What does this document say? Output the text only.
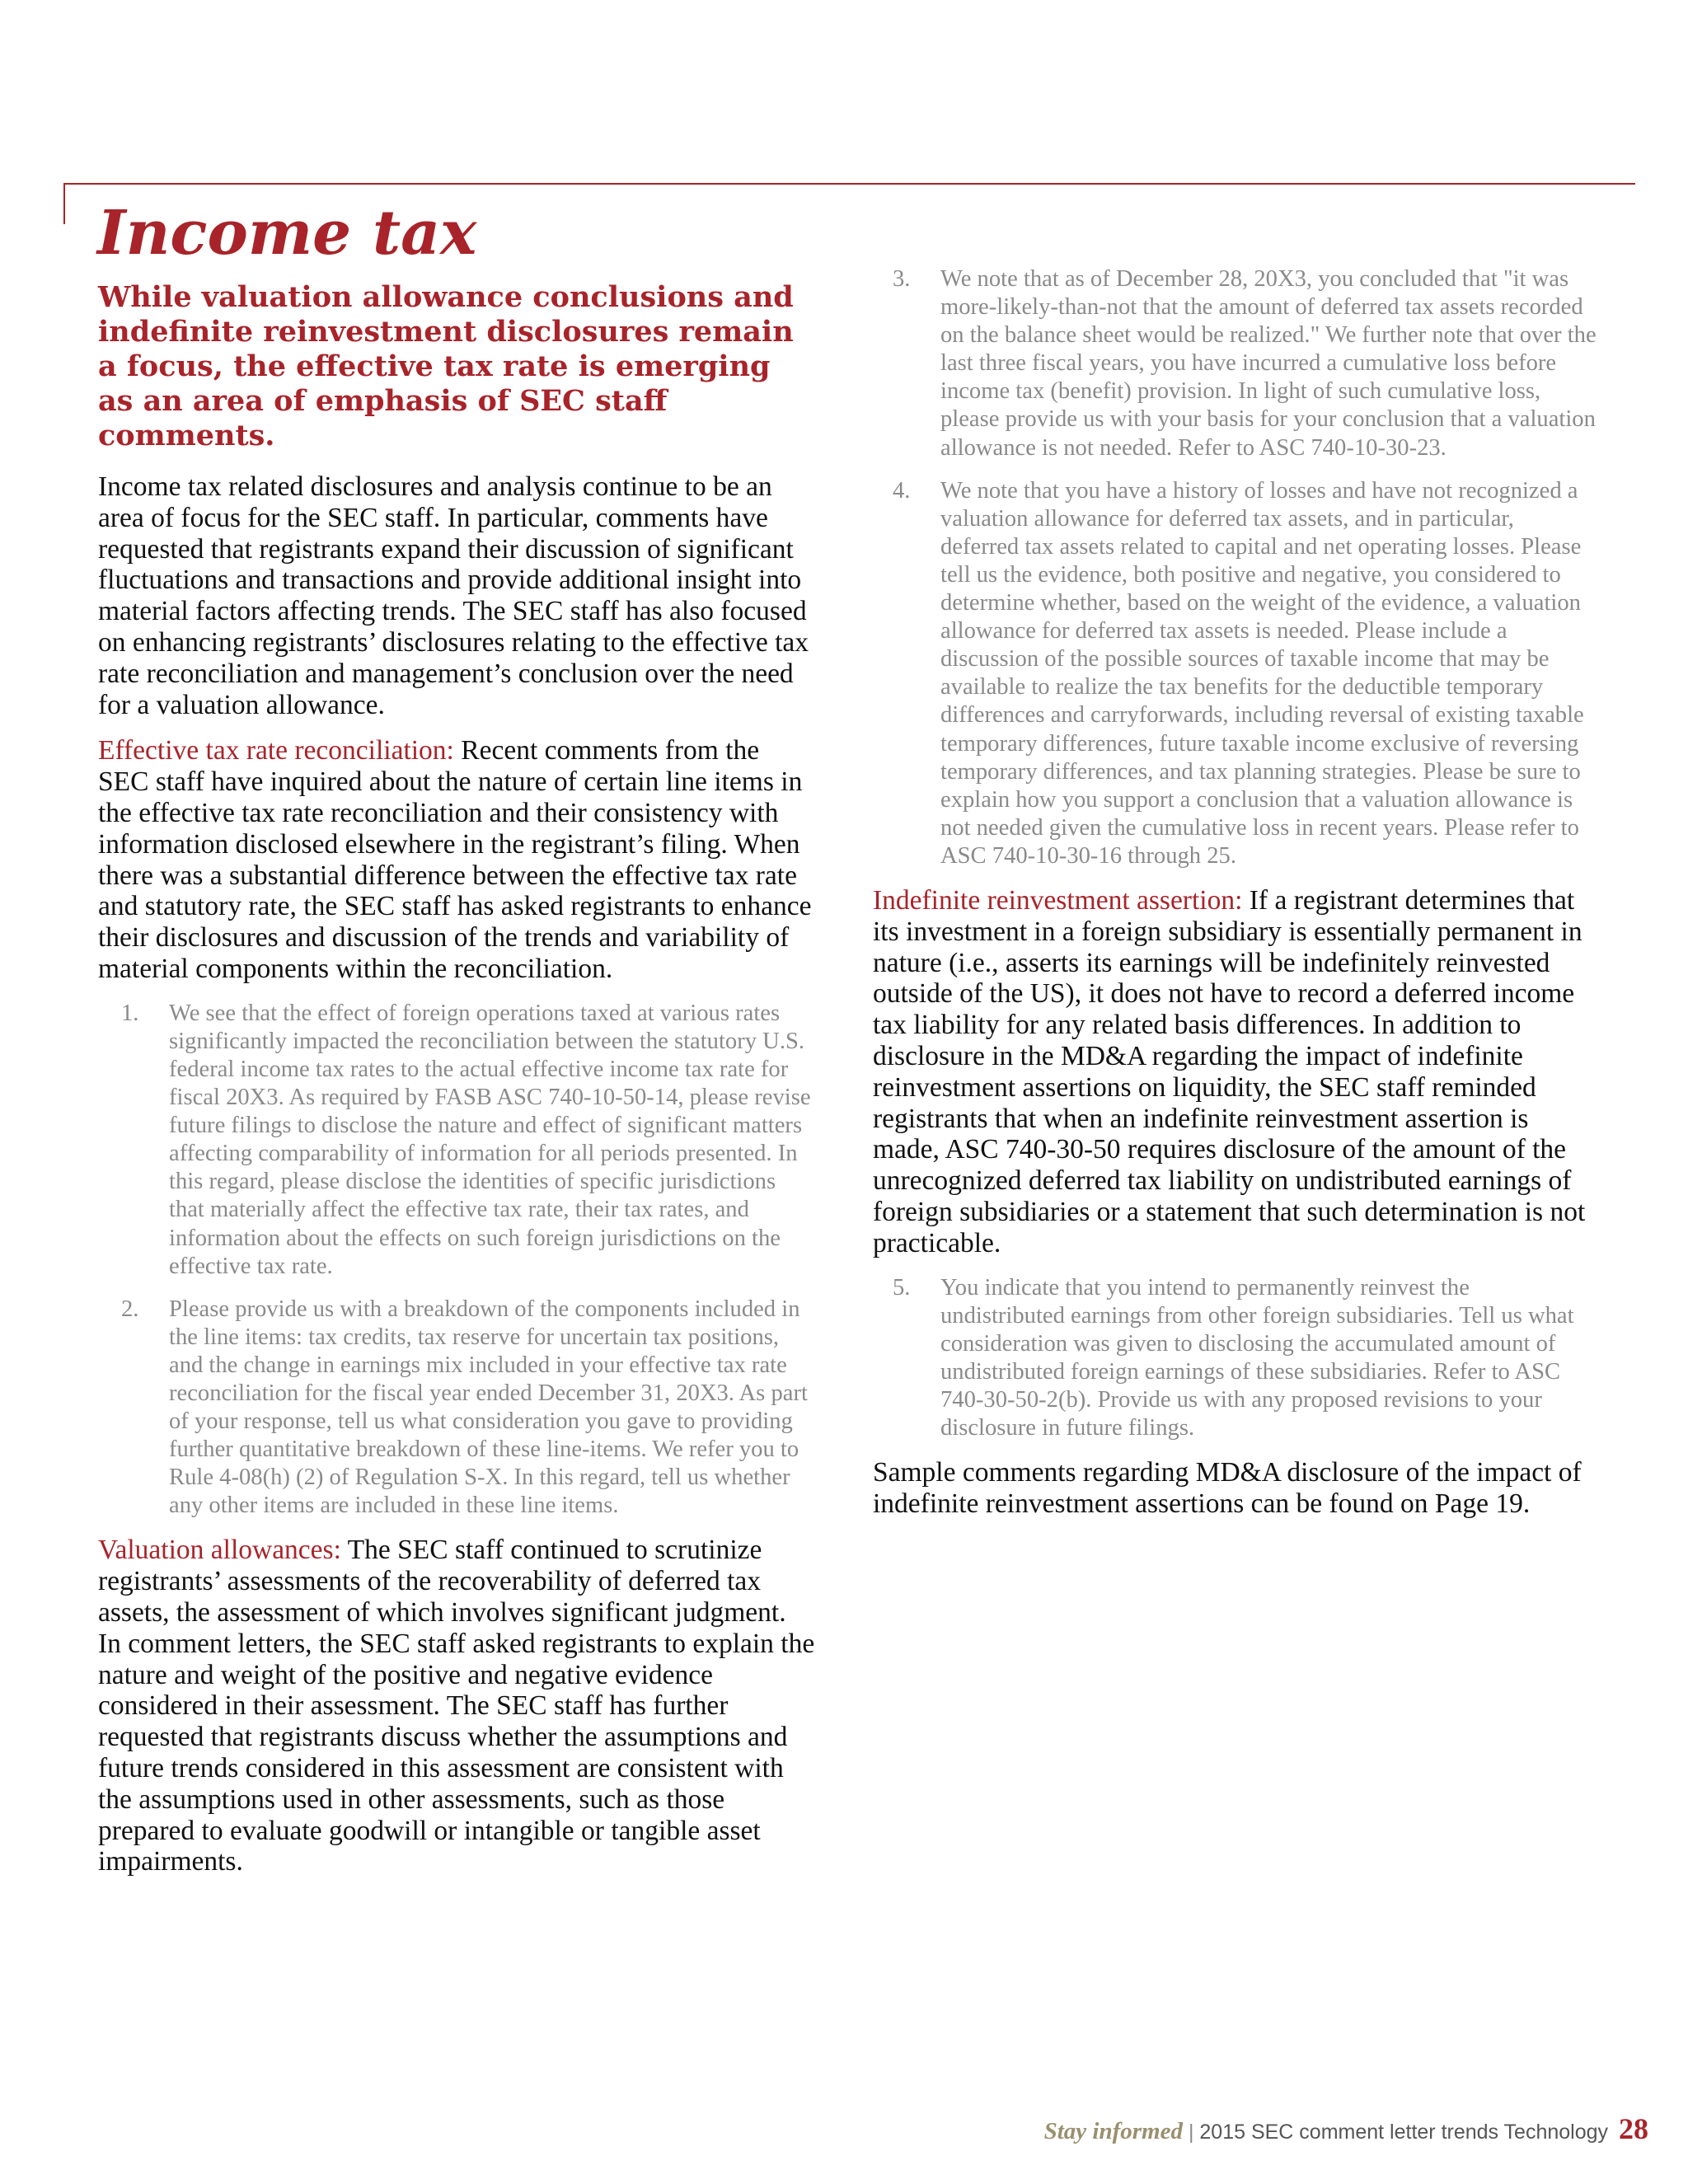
Income tax

While valuation allowance conclusions and indefinite reinvestment disclosures remain a focus, the effective tax rate is emerging as an area of emphasis of SEC staff comments.

Income tax related disclosures and analysis continue to be an area of focus for the SEC staff. In particular, comments have requested that registrants expand their discussion of significant fluctuations and transactions and provide additional insight into material factors affecting trends. The SEC staff has also focused on enhancing registrants’ disclosures relating to the effective tax rate reconciliation and management’s conclusion over the need for a valuation allowance.

Effective tax rate reconciliation: Recent comments from the SEC staff have inquired about the nature of certain line items in the effective tax rate reconciliation and their consistency with information disclosed elsewhere in the registrant’s filing. When there was a substantial difference between the effective tax rate and statutory rate, the SEC staff has asked registrants to enhance their disclosures and discussion of the trends and variability of material components within the reconciliation.

1.	We see that the effect of foreign operations taxed at various rates significantly impacted the reconciliation between the statutory U.S. federal income tax rates to the actual effective income tax rate for fiscal 20X3. As required by FASB ASC 740-10-50-14, please revise future filings to disclose the nature and effect of significant matters affecting comparability of information for all periods presented. In this regard, please disclose the identities of specific jurisdictions that materially affect the effective tax rate, their tax rates, and information about the effects on such foreign jurisdictions on the effective tax rate.
2.	Please provide us with a breakdown of the components included in the line items: tax credits, tax reserve for uncertain tax positions, and the change in earnings mix included in your effective tax rate reconciliation for the fiscal year ended December 31, 20X3. As part of your response, tell us what consideration you gave to providing further quantitative breakdown of these line-items. We refer you to Rule 4-08(h) (2) of Regulation S-X. In this regard, tell us whether any other items are included in these line items.

Valuation allowances: The SEC staff continued to scrutinize registrants’ assessments of the recoverability of deferred tax assets, the assessment of which involves significant judgment. In comment letters, the SEC staff asked registrants to explain the nature and weight of the positive and negative evidence considered in their assessment. The SEC staff has further requested that registrants discuss whether the assumptions and future trends considered in this assessment are consistent with the assumptions used in other assessments, such as those prepared to evaluate goodwill or intangible or tangible asset impairments.

3.	We note that as of December 28, 20X3, you concluded that "it was more-likely-than-not that the amount of deferred tax assets recorded on the balance sheet would be realized." We further note that over the last three fiscal years, you have incurred a cumulative loss before income tax (benefit) provision. In light of such cumulative loss, please provide us with your basis for your conclusion that a valuation allowance is not needed. Refer to ASC 740-10-30-23.
4.	We note that you have a history of losses and have not recognized a valuation allowance for deferred tax assets, and in particular, deferred tax assets related to capital and net operating losses. Please tell us the evidence, both positive and negative, you considered to determine whether, based on the weight of the evidence, a valuation allowance for deferred tax assets is needed. Please include a discussion of the possible sources of taxable income that may be available to realize the tax benefits for the deductible temporary differences and carryforwards, including reversal of existing taxable temporary differences, future taxable income exclusive of reversing temporary differences, and tax planning strategies. Please be sure to explain how you support a conclusion that a valuation allowance is not needed given the cumulative loss in recent years. Please refer to ASC 740-10-30-16 through 25.

Indefinite reinvestment assertion: If a registrant determines that its investment in a foreign subsidiary is essentially permanent in nature (i.e., asserts its earnings will be indefinitely reinvested outside of the US), it does not have to record a deferred income tax liability for any related basis differences. In addition to disclosure in the MD&A regarding the impact of indefinite reinvestment assertions on liquidity, the SEC staff reminded registrants that when an indefinite reinvestment assertion is made, ASC 740-30-50 requires disclosure of the amount of the unrecognized deferred tax liability on undistributed earnings of foreign subsidiaries or a statement that such determination is not practicable.

5.	You indicate that you intend to permanently reinvest the undistributed earnings from other foreign subsidiaries. Tell us what consideration was given to disclosing the accumulated amount of undistributed foreign earnings of these subsidiaries. Refer to ASC 740-30-50-2(b). Provide us with any proposed revisions to your disclosure in future filings.

Sample comments regarding MD&A disclosure of the impact of indefinite reinvestment assertions can be found on Page 19.

Stay informed | 2015 SEC comment letter trends Technology 28
